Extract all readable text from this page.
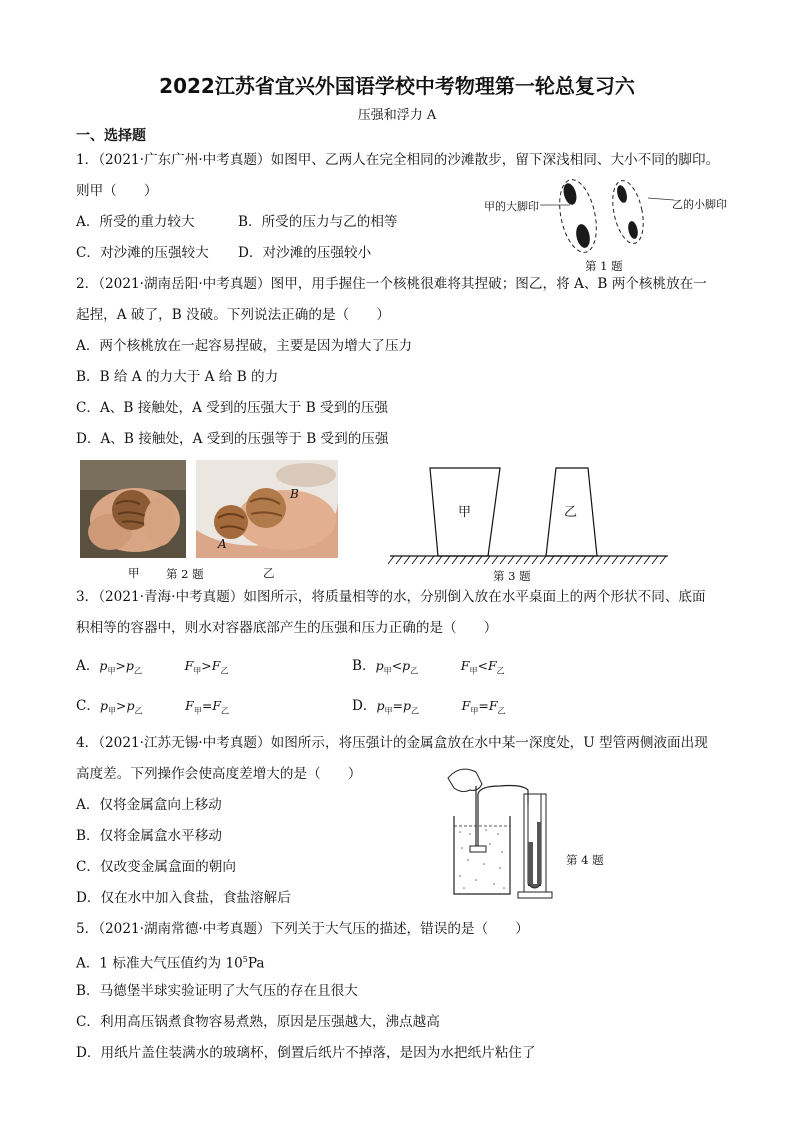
2022江苏省宜兴外国语学校中考物理第一轮总复习六
压强和浮力 A
一、选择题
1．（2021·广东广州·中考真题）如图甲、乙两人在完全相同的沙滩散步，留下深浅相同、大小不同的脚印。
则甲（　　）
A．所受的重力较大	B．所受的压力与乙的相等
C．对沙滩的压强较大 D．对沙滩的压强较小
甲的大脚印	乙的小脚印
第 1 题
2．（2021·湖南岳阳·中考真题）图甲，用手握住一个核桃很难将其捏破；图乙，将 A、B 两个核桃放在一
起捏，A 破了，B 没破。下列说法正确的是（　　）
A．两个核桃放在一起容易捏破，主要是因为增大了压力
B．B 给 A 的力大于 A 给 B 的力
C．A、B 接触处，A 受到的压强大于 B 受到的压强
D．A、B 接触处，A 受到的压强等于 B 受到的压强
B
A
甲 第 2 题	乙
甲	乙
第 3 题
3．（2021·青海·中考真题）如图所示，将质量相等的水，分别倒入放在水平桌面上的两个形状不同、底面
积相等的容器中，则水对容器底部产生的压强和压力正确的是（　　）
A．$p_甲>p_乙$	$F_甲>F_乙$	B．$p_甲<p_乙$	$F_甲<F_乙$
C．$p_甲>p_乙$	$F_甲=F_乙$	D．$p_甲=p_乙$	$F_甲=F_乙$
4．（2021·江苏无锡·中考真题）如图所示，将压强计的金属盒放在水中某一深度处，U 型管两侧液面出现
高度差。下列操作会使高度差增大的是（　　）
A．仅将金属盒向上移动
B．仅将金属盒水平移动
C．仅改变金属盒面的朝向
D．仅在水中加入食盐，食盐溶解后
第 4 题
5．（2021·湖南常德·中考真题）下列关于大气压的描述，错误的是（　　）
A．1 标准大气压值约为 $10^5Pa$
B．马德堡半球实验证明了大气压的存在且很大
C．利用高压锅煮食物容易煮熟，原因是压强越大，沸点越高
D．用纸片盖住装满水的玻璃杯，倒置后纸片不掉落，是因为水把纸片粘住了
